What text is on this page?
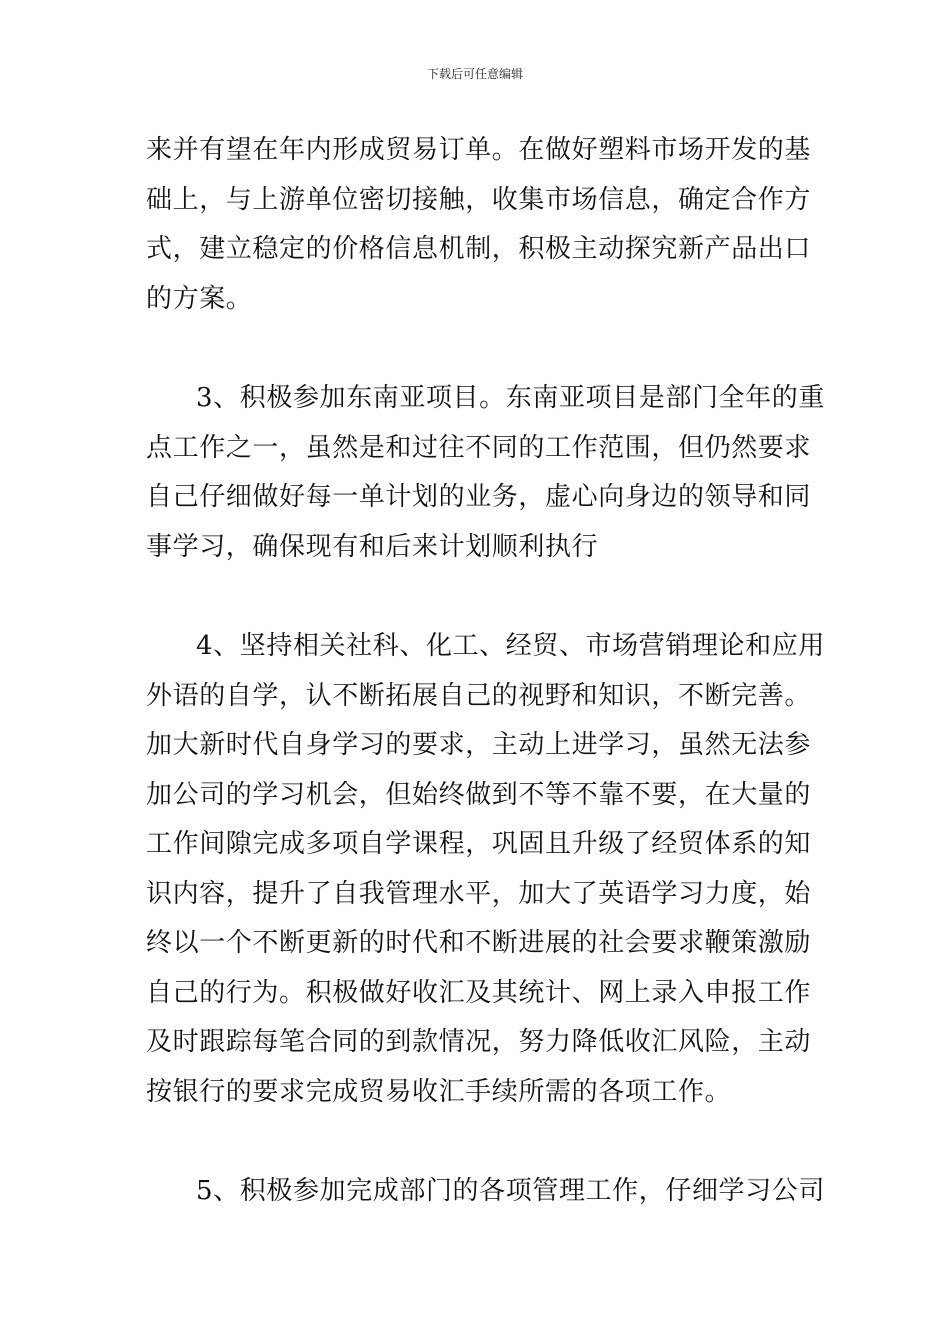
下载后可任意编辑
来并有望在年内形成贸易订单。在做好塑料市场开发的基
础上，与上游单位密切接触，收集市场信息，确定合作方
式，建立稳定的价格信息机制，积极主动探究新产品出口
的方案。
3、积极参加东南亚项目。东南亚项目是部门全年的重
点工作之一，虽然是和过往不同的工作范围，但仍然要求
自己仔细做好每一单计划的业务，虚心向身边的领导和同
事学习，确保现有和后来计划顺利执行
4、坚持相关社科、化工、经贸、市场营销理论和应用
外语的自学，认不断拓展自己的视野和知识，不断完善。
加大新时代自身学习的要求，主动上进学习，虽然无法参
加公司的学习机会，但始终做到不等不靠不要，在大量的
工作间隙完成多项自学课程，巩固且升级了经贸体系的知
识内容，提升了自我管理水平，加大了英语学习力度，始
终以一个不断更新的时代和不断进展的社会要求鞭策激励
自己的行为。积极做好收汇及其统计、网上录入申报工作
及时跟踪每笔合同的到款情况，努力降低收汇风险，主动
按银行的要求完成贸易收汇手续所需的各项工作。
5、积极参加完成部门的各项管理工作，仔细学习公司
